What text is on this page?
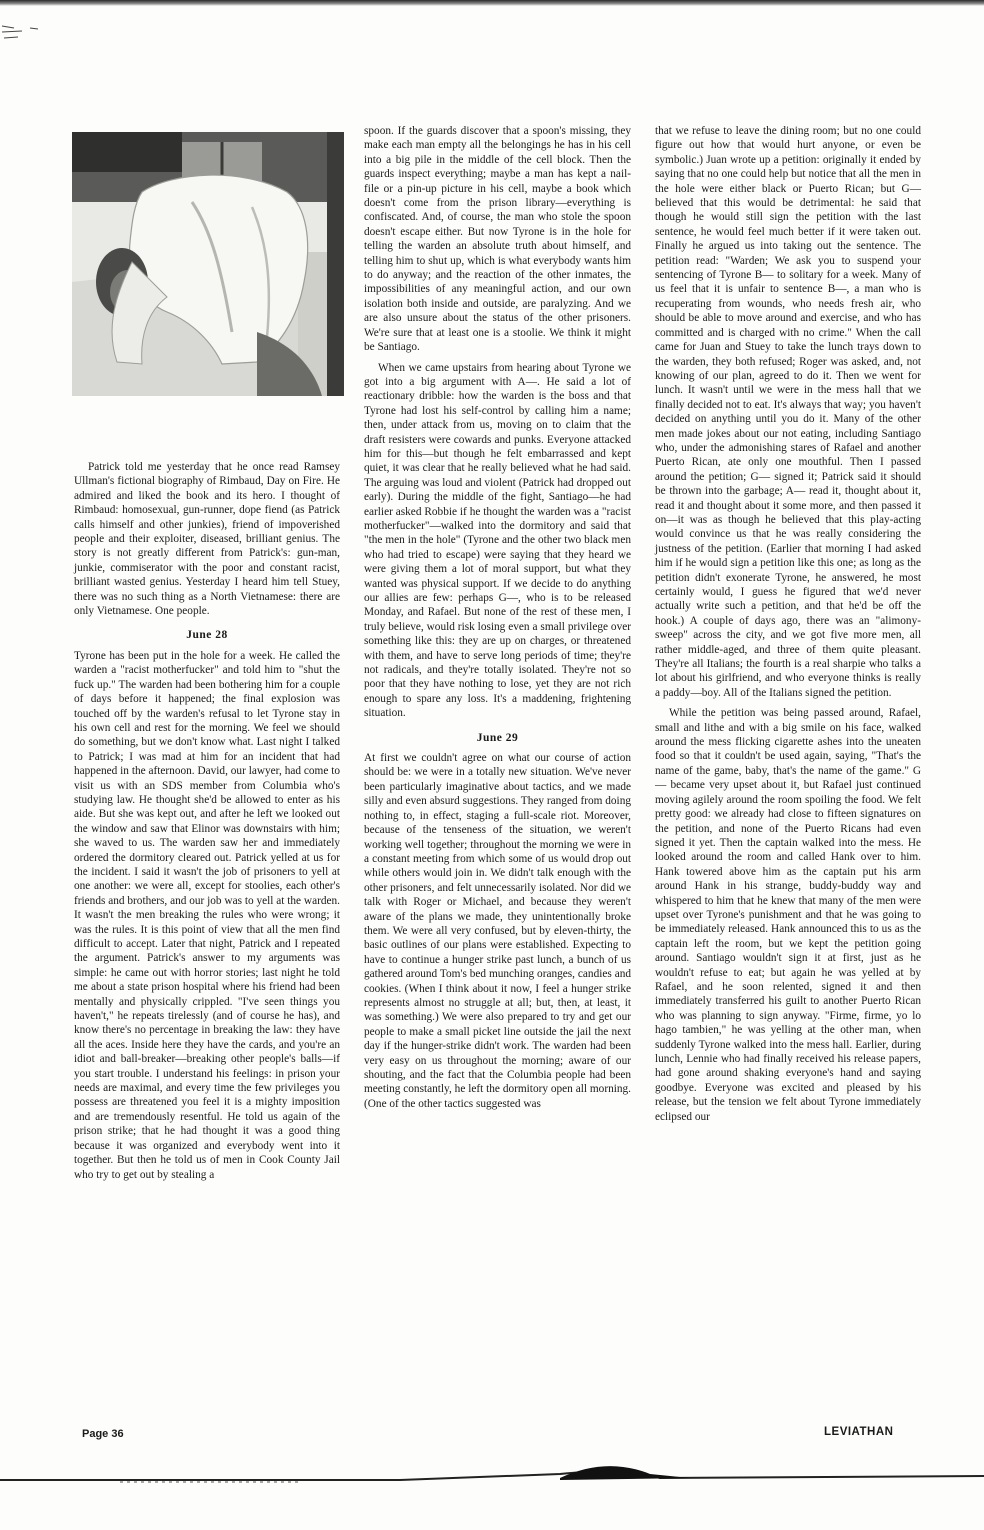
Patrick told me yesterday that he once read Ramsey Ullman's fictional biography of Rimbaud, Day on Fire. He admired and liked the book and its hero. I thought of Rimbaud: homosexual, gun-runner, dope fiend (as Patrick calls himself and other junkies), friend of impoverished people and their exploiter, diseased, brilliant genius. The story is not greatly different from Patrick's: gun-man, junkie, commiserator with the poor and constant racist, brilliant wasted genius. Yesterday I heard him tell Stuey, there was no such thing as a North Vietnamese: there are only Vietnamese. One people.

June 28

Tyrone has been put in the hole for a week. He called the warden a "racist motherfucker" and told him to "shut the fuck up." The warden had been bothering him for a couple of days before it happened; the final explosion was touched off by the warden's refusal to let Tyrone stay in his own cell and rest for the morning. We feel we should do something, but we don't know what. Last night I talked to Patrick; I was mad at him for an incident that had happened in the afternoon. David, our lawyer, had come to visit us with an SDS member from Columbia who's studying law. He thought she'd be allowed to enter as his aide. But she was kept out, and after he left we looked out the window and saw that Elinor was downstairs with him; she waved to us. The warden saw her and immediately ordered the dormitory cleared out. Patrick yelled at us for the incident. I said it wasn't the job of prisoners to yell at one another: we were all, except for stoolies, each other's friends and brothers, and our job was to yell at the warden. It wasn't the men breaking the rules who were wrong; it was the rules. It is this point of view that all the men find difficult to accept. Later that night, Patrick and I repeated the argument. Patrick's answer to my arguments was simple: he came out with horror stories; last night he told me about a state prison hospital where his friend had been mentally and physically crippled. "I've seen things you haven't," he repeats tirelessly (and of course he has), and know there's no percentage in breaking the law: they have all the aces. Inside here they have the cards, and you're an idiot and ball-breaker—breaking other people's balls—if you start trouble. I understand his feelings: in prison your needs are maximal, and every time the few privileges you possess are threatened you feel it is a mighty imposition and are tremendously resentful. He told us again of the prison strike; that he had thought it was a good thing because it was organized and everybody went into it together. But then he told us of men in Cook County Jail who try to get out by stealing a

spoon. If the guards discover that a spoon's missing, they make each man empty all the belongings he has in his cell into a big pile in the middle of the cell block. Then the guards inspect everything; maybe a man has kept a nail-file or a pin-up picture in his cell, maybe a book which doesn't come from the prison library—everything is confiscated. And, of course, the man who stole the spoon doesn't escape either. But now Tyrone is in the hole for telling the warden an absolute truth about himself, and telling him to shut up, which is what everybody wants him to do anyway; and the reaction of the other inmates, the impossibilities of any meaningful action, and our own isolation both inside and outside, are paralyzing. And we are also unsure about the status of the other prisoners. We're sure that at least one is a stoolie. We think it might be Santiago.

When we came upstairs from hearing about Tyrone we got into a big argument with A—. He said a lot of reactionary dribble: how the warden is the boss and that Tyrone had lost his self-control by calling him a name; then, under attack from us, moving on to claim that the draft resisters were cowards and punks. Everyone attacked him for this—but though he felt embarrassed and kept quiet, it was clear that he really believed what he had said. The arguing was loud and violent (Patrick had dropped out early). During the middle of the fight, Santiago—he had earlier asked Robbie if he thought the warden was a "racist motherfucker"—walked into the dormitory and said that "the men in the hole" (Tyrone and the other two black men who had tried to escape) were saying that they heard we were giving them a lot of moral support, but what they wanted was physical support. If we decide to do anything our allies are few: perhaps G—, who is to be released Monday, and Rafael. But none of the rest of these men, I truly believe, would risk losing even a small privilege over something like this: they are up on charges, or threatened with them, and have to serve long periods of time; they're not radicals, and they're totally isolated. They're not so poor that they have nothing to lose, yet they are not rich enough to spare any loss. It's a maddening, frightening situation.

June 29

At first we couldn't agree on what our course of action should be: we were in a totally new situation. We've never been particularly imaginative about tactics, and we made silly and even absurd suggestions. They ranged from doing nothing to, in effect, staging a full-scale riot. Moreover, because of the tenseness of the situation, we weren't working well together; throughout the morning we were in a constant meeting from which some of us would drop out while others would join in. We didn't talk enough with the other prisoners, and felt unnecessarily isolated. Nor did we talk with Roger or Michael, and because they weren't aware of the plans we made, they unintentionally broke them. We were all very confused, but by eleven-thirty, the basic outlines of our plans were established. Expecting to have to continue a hunger strike past lunch, a bunch of us gathered around Tom's bed munching oranges, candies and cookies. (When I think about it now, I feel a hunger strike represents almost no struggle at all; but, then, at least, it was something.) We were also prepared to try and get our people to make a small picket line outside the jail the next day if the hunger-strike didn't work. The warden had been very easy on us throughout the morning; aware of our shouting, and the fact that the Columbia people had been meeting constantly, he left the dormitory open all morning. (One of the other tactics suggested was

that we refuse to leave the dining room; but no one could figure out how that would hurt anyone, or even be symbolic.) Juan wrote up a petition: originally it ended by saying that no one could help but notice that all the men in the hole were either black or Puerto Rican; but G— believed that this would be detrimental: he said that though he would still sign the petition with the last sentence, he would feel much better if it were taken out. Finally he argued us into taking out the sentence. The petition read: "Warden; We ask you to suspend your sentencing of Tyrone B— to solitary for a week. Many of us feel that it is unfair to sentence B—, a man who is recuperating from wounds, who needs fresh air, who should be able to move around and exercise, and who has committed and is charged with no crime." When the call came for Juan and Stuey to take the lunch trays down to the warden, they both refused; Roger was asked, and, not knowing of our plan, agreed to do it. Then we went for lunch. It wasn't until we were in the mess hall that we finally decided not to eat. It's always that way; you haven't decided on anything until you do it. Many of the other men made jokes about our not eating, including Santiago who, under the admonishing stares of Rafael and another Puerto Rican, ate only one mouthful. Then I passed around the petition; G— signed it; Patrick said it should be thrown into the garbage; A— read it, thought about it, read it and thought about it some more, and then passed it on—it was as though he believed that this play-acting would convince us that he was really considering the justness of the petition. (Earlier that morning I had asked him if he would sign a petition like this one; as long as the petition didn't exonerate Tyrone, he answered, he most certainly would, I guess he figured that we'd never actually write such a petition, and that he'd be off the hook.) A couple of days ago, there was an "alimony-sweep" across the city, and we got five more men, all rather middle-aged, and three of them quite pleasant. They're all Italians; the fourth is a real sharpie who talks a lot about his girlfriend, and who everyone thinks is really a paddy—boy. All of the Italians signed the petition.

While the petition was being passed around, Rafael, small and lithe and with a big smile on his face, walked around the mess flicking cigarette ashes into the uneaten food so that it couldn't be used again, saying, "That's the name of the game, baby, that's the name of the game." G— became very upset about it, but Rafael just continued moving agilely around the room spoiling the food. We felt pretty good: we already had close to fifteen signatures on the petition, and none of the Puerto Ricans had even signed it yet. Then the captain walked into the mess. He looked around the room and called Hank over to him. Hank towered above him as the captain put his arm around Hank in his strange, buddy-buddy way and whispered to him that he knew that many of the men were upset over Tyrone's punishment and that he was going to be immediately released. Hank announced this to us as the captain left the room, but we kept the petition going around. Santiago wouldn't sign it at first, just as he wouldn't refuse to eat; but again he was yelled at by Rafael, and he soon relented, signed it and then immediately transferred his guilt to another Puerto Rican who was planning to sign anyway. "Firme, firme, yo lo hago tambien," he was yelling at the other man, when suddenly Tyrone walked into the mess hall. Earlier, during lunch, Lennie who had finally received his release papers, had gone around shaking everyone's hand and saying goodbye. Everyone was excited and pleased by his release, but the tension we felt about Tyrone immediately eclipsed our

Page 36	LEVIATHAN
